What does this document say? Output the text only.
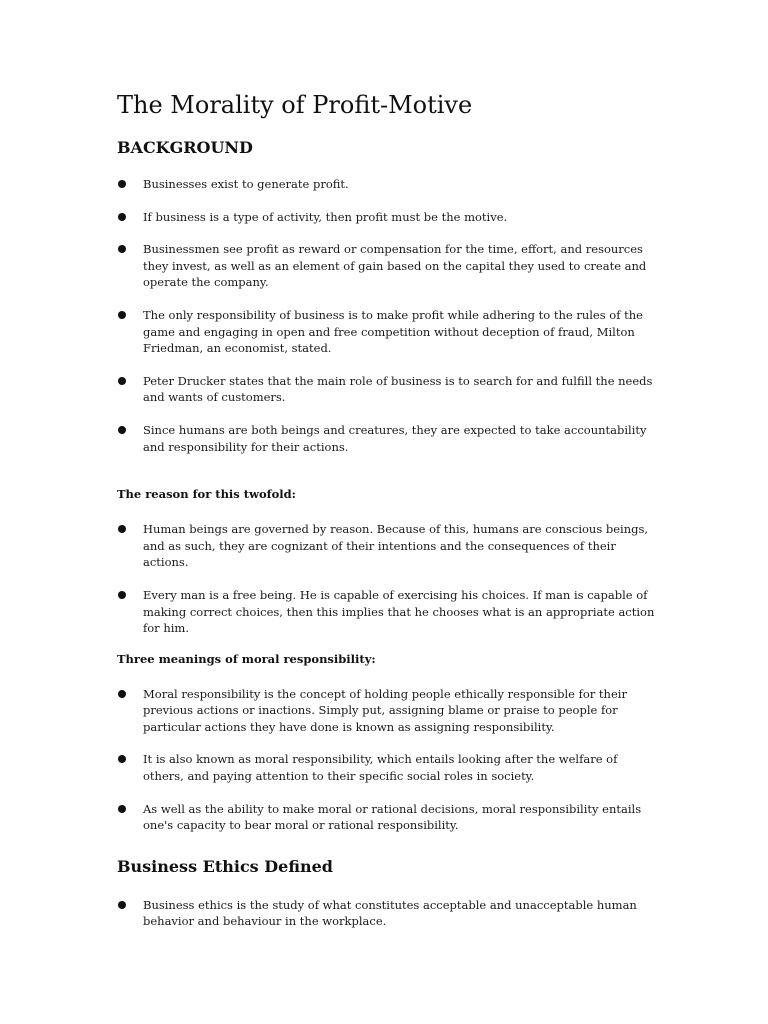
The Morality of Profit-Motive
BACKGROUND
Businesses exist to generate profit.
If business is a type of activity, then profit must be the motive.
Businessmen see profit as reward or compensation for the time, effort, and resources they invest, as well as an element of gain based on the capital they used to create and operate the company.
The only responsibility of business is to make profit while adhering to the rules of the game and engaging in open and free competition without deception of fraud, Milton Friedman, an economist, stated.
Peter Drucker states that the main role of business is to search for and fulfill the needs and wants of customers.
Since humans are both beings and creatures, they are expected to take accountability and responsibility for their actions.
The reason for this twofold:
Human beings are governed by reason. Because of this, humans are conscious beings, and as such, they are cognizant of their intentions and the consequences of their actions.
Every man is a free being. He is capable of exercising his choices. If man is capable of making correct choices, then this implies that he chooses what is an appropriate action for him.
Three meanings of moral responsibility:
Moral responsibility is the concept of holding people ethically responsible for their previous actions or inactions. Simply put, assigning blame or praise to people for particular actions they have done is known as assigning responsibility.
It is also known as moral responsibility, which entails looking after the welfare of others, and paying attention to their specific social roles in society.
As well as the ability to make moral or rational decisions, moral responsibility entails one's capacity to bear moral or rational responsibility.
Business Ethics Defined
Business ethics is the study of what constitutes acceptable and unacceptable human behavior and behaviour in the workplace.
